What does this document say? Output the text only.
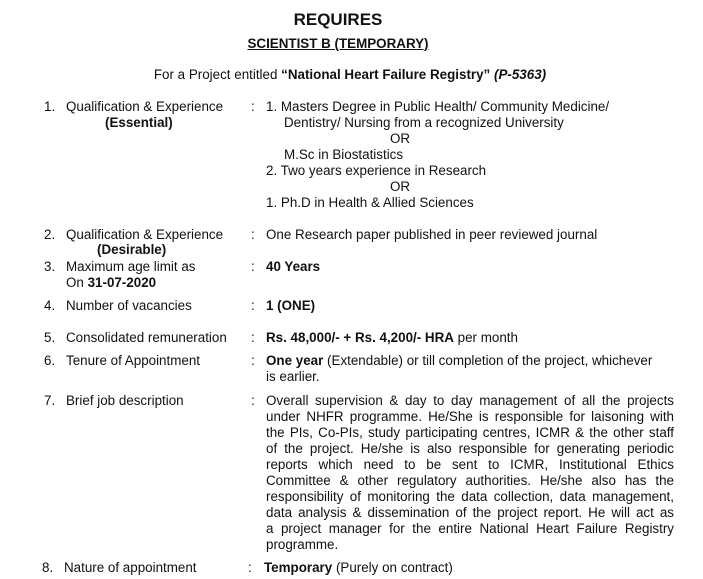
REQUIRES
SCIENTIST B (TEMPORARY)
For a Project entitled “National Heart Failure Registry” (P-5363)
1. Qualification & Experience
(Essential)
: 1. Masters Degree in Public Health/ Community Medicine/
Dentistry/ Nursing from a recognized University
OR
M.Sc in Biostatistics
2. Two years experience in Research
OR
1. Ph.D in Health & Allied Sciences
2. Qualification & Experience
(Desirable)
: One Research paper published in peer reviewed journal
3. Maximum age limit as
On 31-07-2020
: 40 Years
4. Number of vacancies	: 1 (ONE)
5. Consolidated remuneration : Rs. 48,000/- + Rs. 4,200/- HRA per month
6. Tenure of Appointment	: One year (Extendable) or till completion of the project, whichever
is earlier.
7. Brief job description	: Overall supervision & day to day management of all the projects
under NHFR programme. He/She is responsible for laisoning with
the PIs, Co-PIs, study participating centres, ICMR & the other staff
of the project. He/she is also responsible for generating periodic
reports which need to be sent to ICMR, Institutional Ethics
Committee & other regulatory authorities. He/she also has the
responsibility of monitoring the data collection, data management,
data analysis & dissemination of the project report. He will act as
a project manager for the entire National Heart Failure Registry
programme.
8. Nature of appointment	: Temporary (Purely on contract)
